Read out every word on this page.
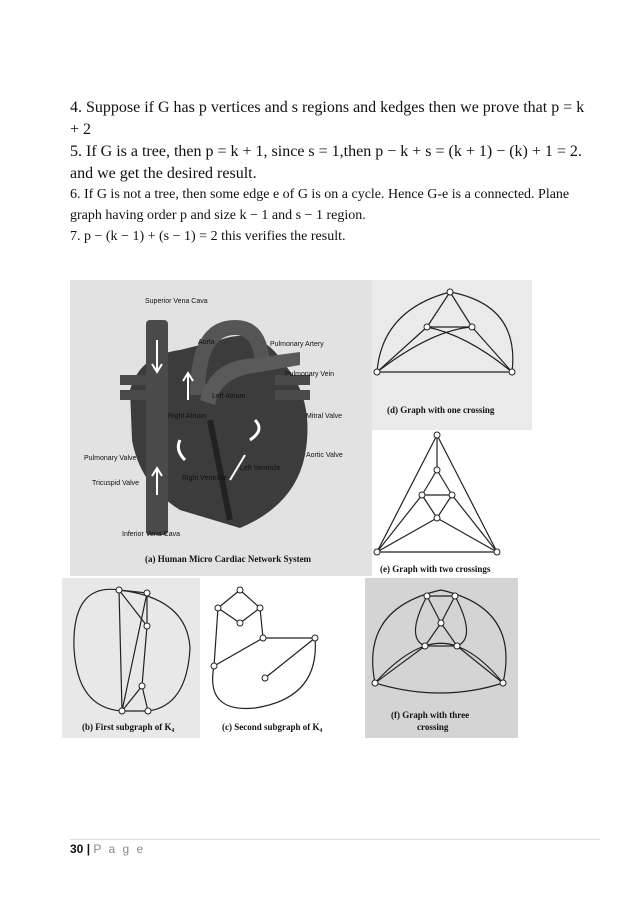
4. Suppose if G has p vertices and s regions and kedges then we prove that p = k + 2
5. If G is a tree, then p = k + 1, since s = 1,then p − k + s = (k + 1) − (k) + 1 = 2. and we get the desired result.
6. If G is not a tree, then some edge e of G is on a cycle. Hence G-e is a connected. Plane graph having order p and size k − 1 and s − 1 region.
7. p − (k − 1) + (s − 1) = 2 this verifies the result.
Superior Vena Cava
Aorta	Pulmonary Artery
Pulmonary Vein
Left Atrium
Right Atrium	Mitral Valve
Aortic Valve
Pulmonary Valve
Tricuspid Valve
Left Ventricle
Right Ventricle
Inferior Vena Cava
(a) Human Micro Cardiac Network System
(d) Graph with one crossing
(e) Graph with two crossings
(b) First subgraph of K₄	(c) Second subgraph of K₄
(f) Graph with three
crossing
30 | P a g e
